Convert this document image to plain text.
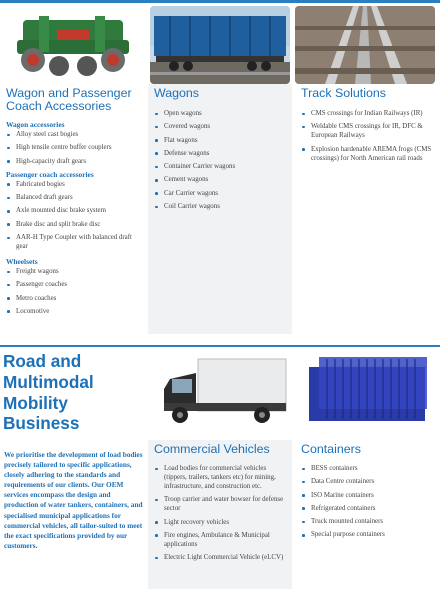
Wagon and Passenger
Coach Accessories
Wagon accessories
Alloy steel cast bogies
High tensile centre buffer couplers
High-capacity draft gears
Passenger coach accessories
Fabricated bogies
Balanced draft gears
Axle mounted disc brake system
Brake disc and split brake disc
AAR-H Type Coupler with balanced draft gear
Wheelsets
Freight wagons
Passenger coaches
Metro coaches
Locomotive
Wagons
Open wagons
Covered wagons
Flat wagons
Defense wagons
Container Carrier wagons
Cement wagons
Car Carrier wagons
Coil Carrier wagons
Track Solutions
CMS crossings for Indian Railways (IR)
Weldable CMS crossings for IR, DFC & European Railways
Explosion hardenable AREMA frogs (CMS crossings) for North American rail roads
Road and
Multimodal
Mobility
Business
We prioritise the development of load bodies precisely tailored to specific applications, closely adhering to the standards and requirements of our clients. Our OEM services encompass the design and production of water tankers, containers, and specialised municipal applications for commercial vehicles, all tailor-suited to meet the exact specifications provided by our customers.
Commercial Vehicles
Load bodies for commercial vehicles (tippers, trailers, tankers etc) for mining, infrastructure, and construction etc.
Troop carrier and water bowser for defense sector
Light recovery vehicles
Fire engines, Ambulance & Municipal applications
Electric Light Commercial Vehicle (eLCV)
Containers
BESS containers
Data Centre containers
ISO Marine containers
Refrigerated containers
Truck mounted containers
Special purpose containers
